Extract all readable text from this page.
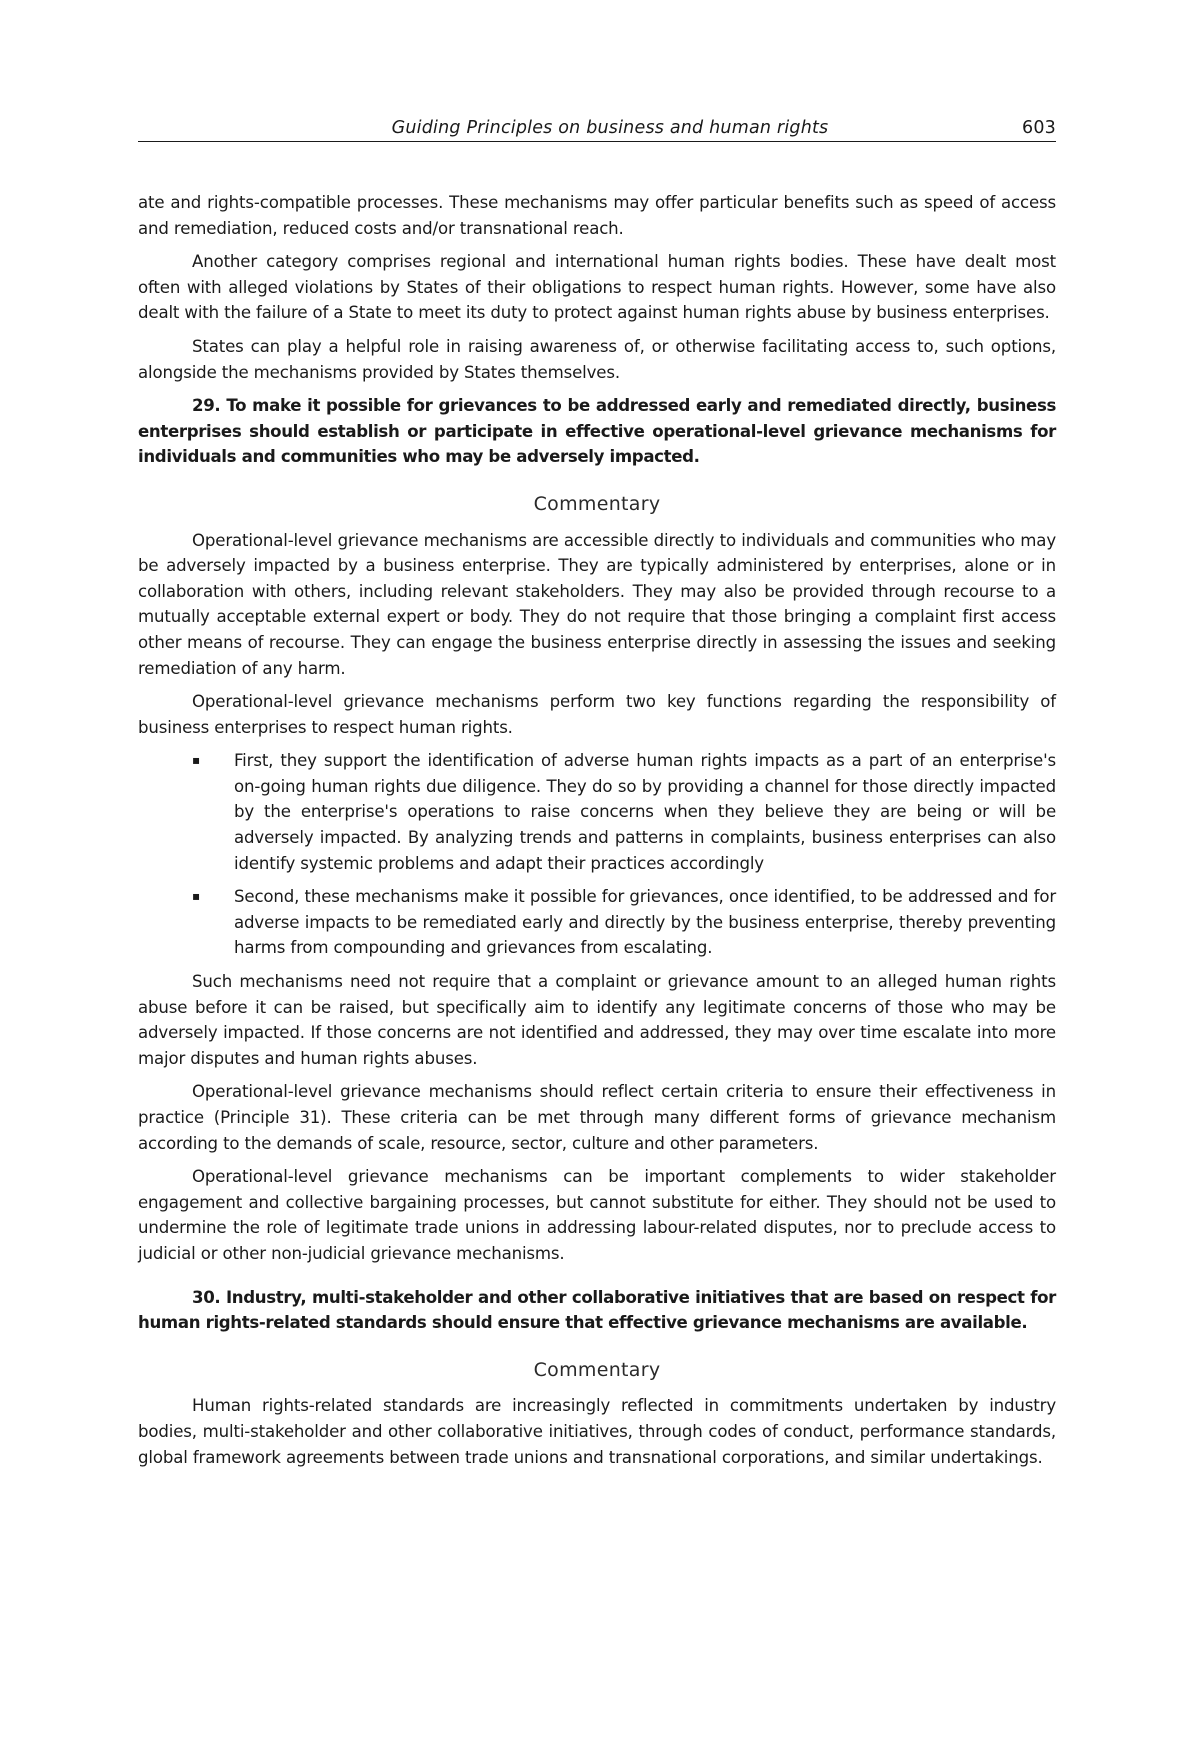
Guiding Principles on business and human rights	603

ate and rights-compatible processes. These mechanisms may offer particular benefits such as speed of access and remediation, reduced costs and/or transnational reach.

Another category comprises regional and international human rights bodies. These have dealt most often with alleged violations by States of their obligations to respect human rights. However, some have also dealt with the failure of a State to meet its duty to protect against human rights abuse by business enterprises.

States can play a helpful role in raising awareness of, or otherwise facilitating access to, such options, alongside the mechanisms provided by States themselves.

29. To make it possible for grievances to be addressed early and remediated directly, business enterprises should establish or participate in effective operational-level grievance mechanisms for individuals and communities who may be adversely impacted.

Commentary

Operational-level grievance mechanisms are accessible directly to individuals and communities who may be adversely impacted by a business enterprise. They are typically administered by enterprises, alone or in collaboration with others, including relevant stakeholders. They may also be provided through recourse to a mutually acceptable external expert or body. They do not require that those bringing a complaint first access other means of recourse. They can engage the business enterprise directly in assessing the issues and seeking remediation of any harm.

Operational-level grievance mechanisms perform two key functions regarding the responsibility of business enterprises to respect human rights.

▪ First, they support the identification of adverse human rights impacts as a part of an enterprise's on-going human rights due diligence. They do so by providing a channel for those directly impacted by the enterprise's operations to raise concerns when they believe they are being or will be adversely impacted. By analyzing trends and patterns in complaints, business enterprises can also identify systemic problems and adapt their practices accordingly
▪ Second, these mechanisms make it possible for grievances, once identified, to be addressed and for adverse impacts to be remediated early and directly by the business enterprise, thereby preventing harms from compounding and grievances from escalating.

Such mechanisms need not require that a complaint or grievance amount to an alleged human rights abuse before it can be raised, but specifically aim to identify any legitimate concerns of those who may be adversely impacted. If those concerns are not identified and addressed, they may over time escalate into more major disputes and human rights abuses.

Operational-level grievance mechanisms should reflect certain criteria to ensure their effectiveness in practice (Principle 31). These criteria can be met through many different forms of grievance mechanism according to the demands of scale, resource, sector, culture and other parameters.

Operational-level grievance mechanisms can be important complements to wider stakeholder engagement and collective bargaining processes, but cannot substitute for either. They should not be used to undermine the role of legitimate trade unions in addressing labour-related disputes, nor to preclude access to judicial or other non-judicial grievance mechanisms.

30. Industry, multi-stakeholder and other collaborative initiatives that are based on respect for human rights-related standards should ensure that effective grievance mechanisms are available.

Commentary

Human rights-related standards are increasingly reflected in commitments undertaken by industry bodies, multi-stakeholder and other collaborative initiatives, through codes of conduct, performance standards, global framework agreements between trade unions and transnational corporations, and similar undertakings.
